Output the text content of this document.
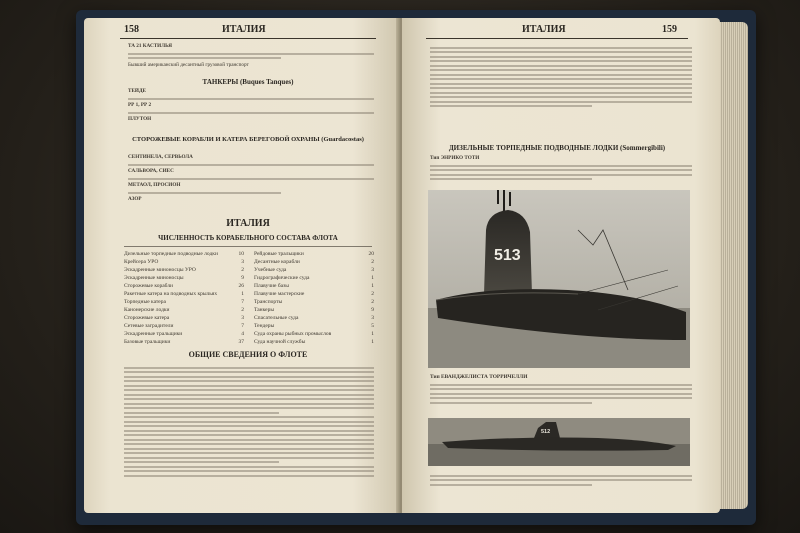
158	ИТАЛИЯ
ТА 21 КАСТИЛЬЯ
Бывший американский десантный грузовой транспорт
ТАНКЕРЫ (Buques Tanques)
ТЕЙДЕ
РР 1, РР 2
ПЛУТОН
СТОРОЖЕВЫЕ КОРАБЛИ И КАТЕРА БЕРЕГОВОЙ ОХРАНЫ (Guardacostas)
СЕНТИНЕЛА, СЕРВЬОЛА
САЛЬВОРА, СИЕС
МЕТАОЛ, ПРОСИОН
АЗОР
ИТАЛИЯ
ЧИСЛЕННОСТЬ КОРАБЕЛЬНОГО СОСТАВА ФЛОТА
Дизельные торпедные подводные лодки	10
Крейсера УРО	3
Эскадренные миноносцы УРО	2
Эскадренные миноносцы	9
Сторожевые корабли	26
Ракетные катера на подводных крыльях	1
Торпедные катера	7
Канонерские лодки	2
Сторожевые катера	3
Сетевые заградители	7
Эскадренные тральщики	4
Базовые тральщики	37
Рейдовые тральщики	20
Десантные корабли	2
Учебные суда	3
Гидрографические суда	1
Плавучие базы	1
Плавучие мастерские	2
Транспорты	2
Танкеры	9
Спасательные суда	3
Тендеры	5
Суда охраны рыбных промыслов	1
Суда научной службы	1
ОБЩИЕ СВЕДЕНИЯ О ФЛОТЕ
ИТАЛИЯ	159
ДИЗЕЛЬНЫЕ ТОРПЕДНЫЕ ПОДВОДНЫЕ ЛОДКИ (Sommergibili)
Тип ЭНРИКО ТОТИ
513
Тип ЕВАНДЖЕЛИСТА ТОРРИЧЕЛЛИ
512
